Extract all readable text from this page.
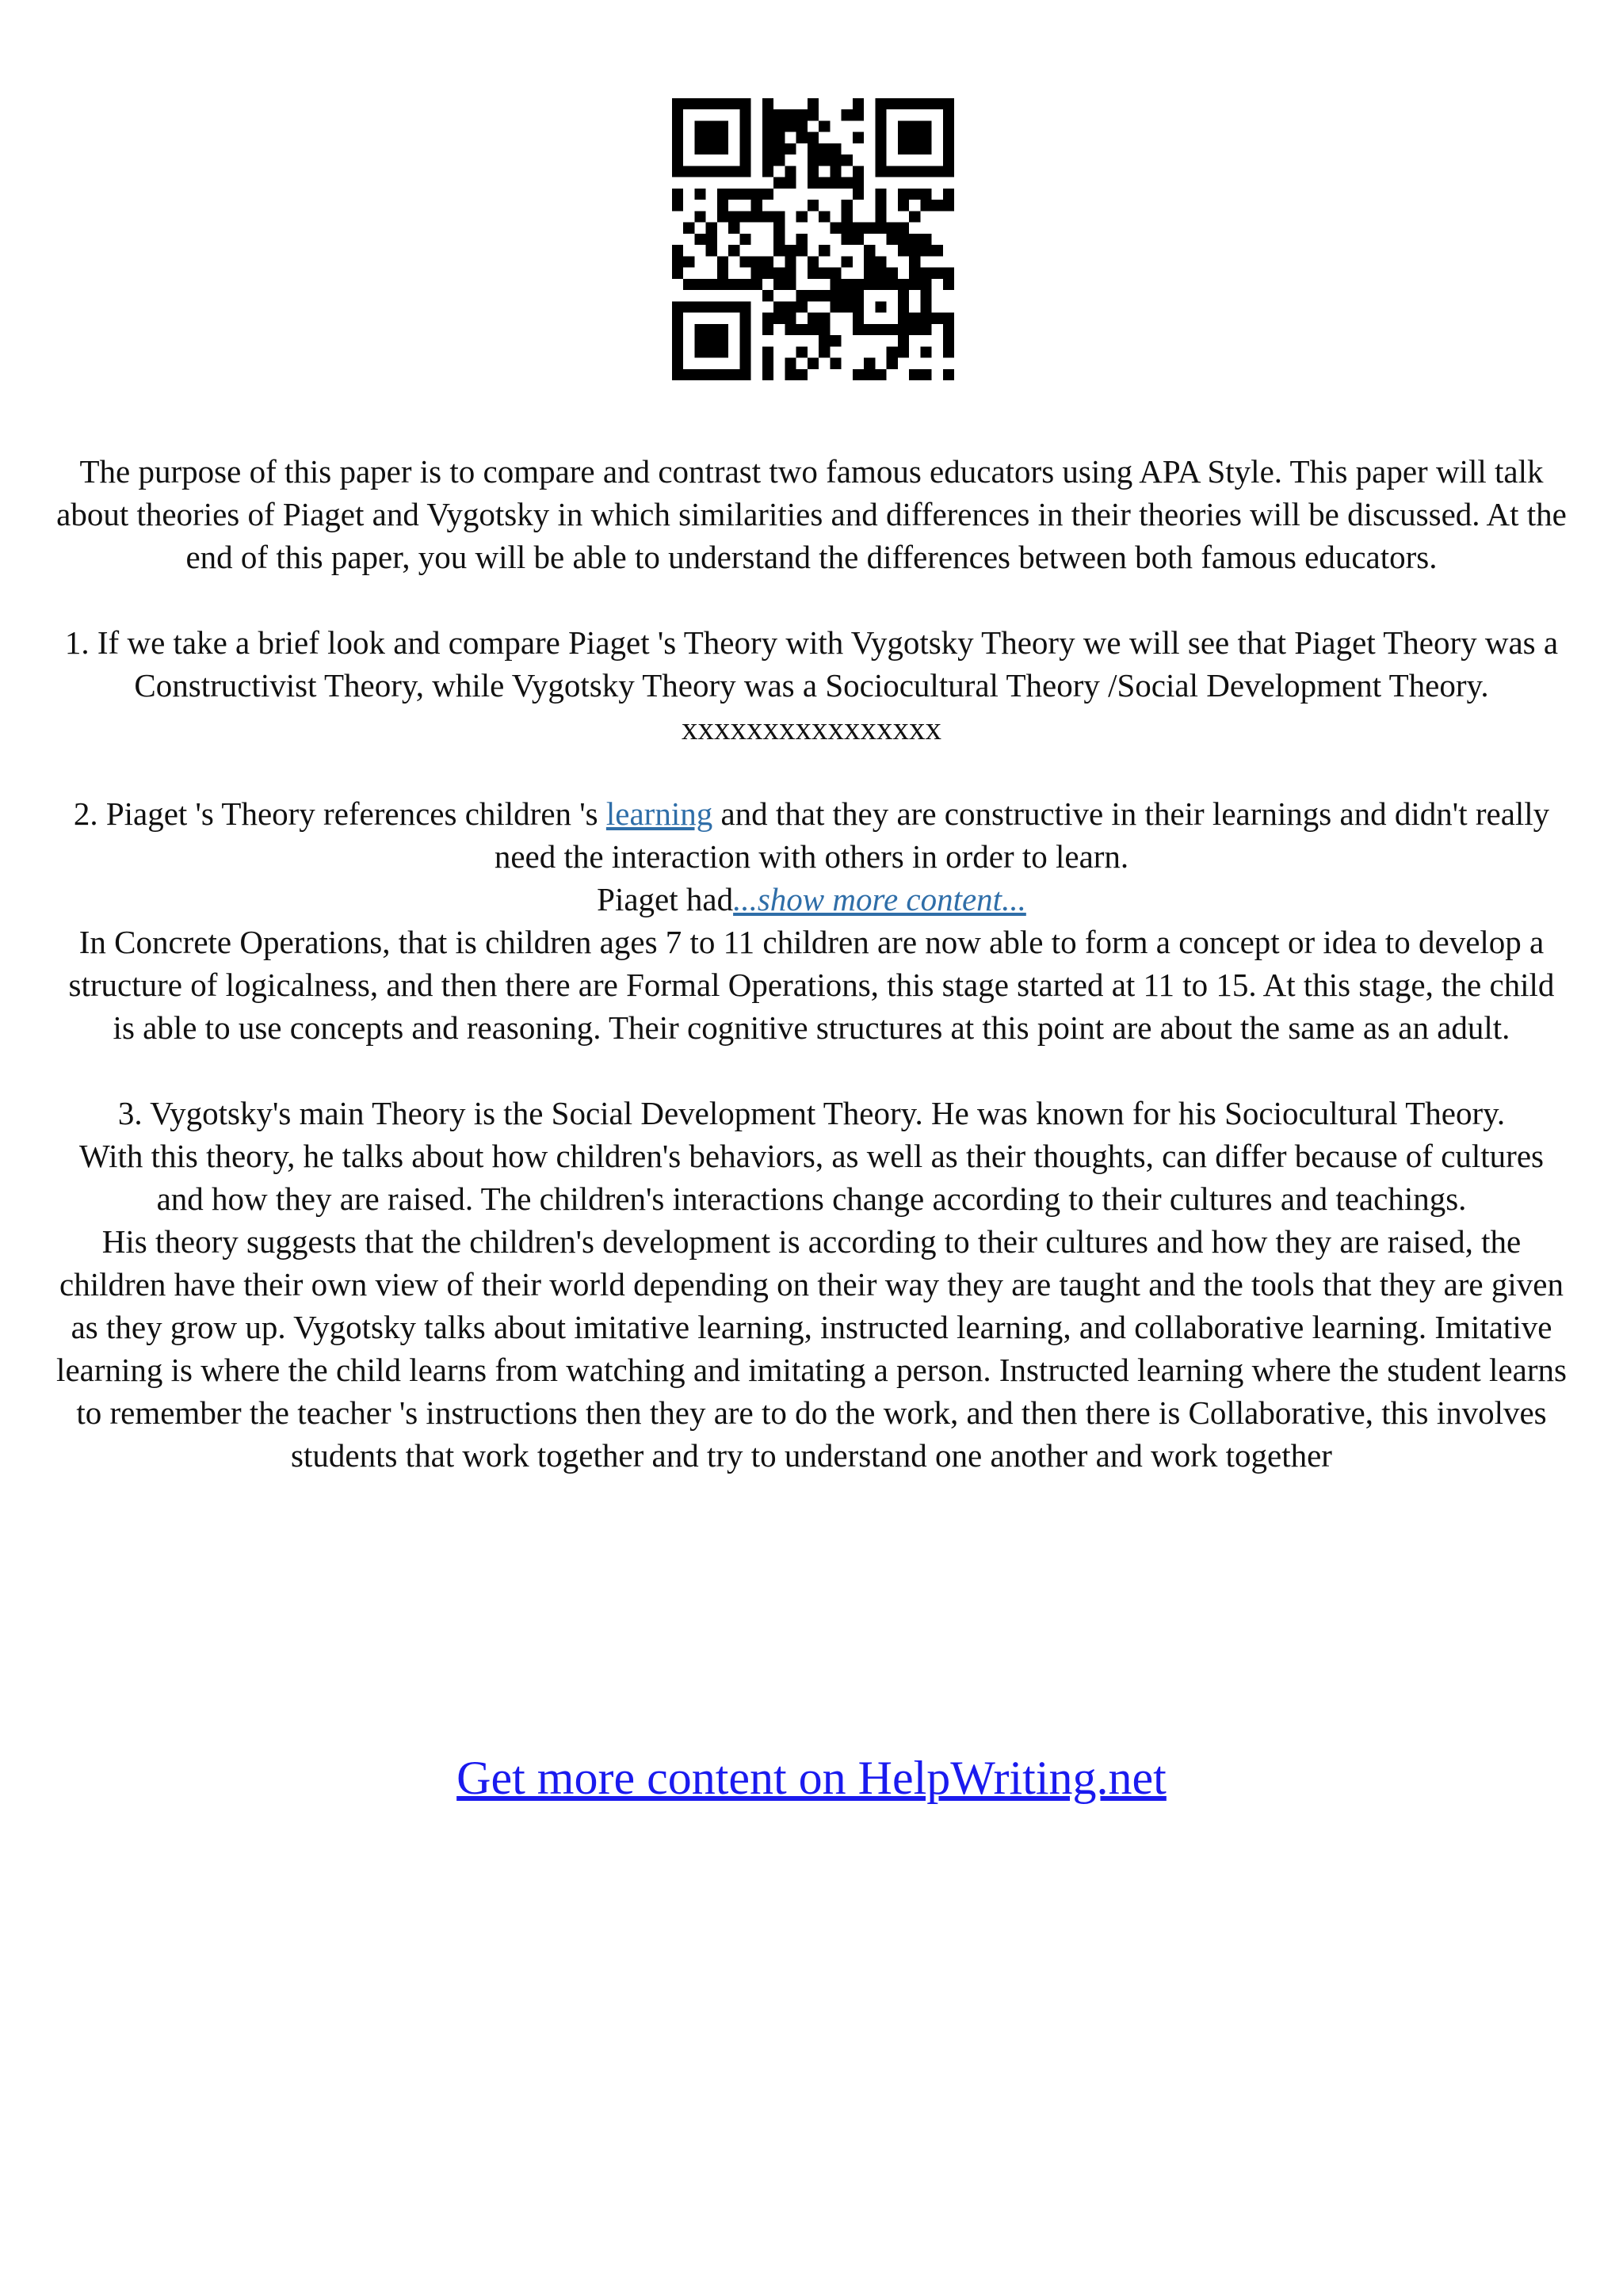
The purpose of this paper is to compare and contrast two famous educators using APA Style. This paper will talk about theories of Piaget and Vygotsky in which similarities and differences in their theories will be discussed. At the end of this paper, you will be able to understand the differences between both famous educators.

1. If we take a brief look and compare Piaget 's Theory with Vygotsky Theory we will see that Piaget Theory was a Constructivist Theory, while Vygotsky Theory was a Sociocultural Theory /Social Development Theory. xxxxxxxxxxxxxxxx

2. Piaget 's Theory references children 's learning and that they are constructive in their learnings and didn't really need the interaction with others in order to learn.

Piaget had...show more content...

In Concrete Operations, that is children ages 7 to 11 children are now able to form a concept or idea to develop a structure of logicalness, and then there are Formal Operations, this stage started at 11 to 15. At this stage, the child is able to use concepts and reasoning. Their cognitive structures at this point are about the same as an adult.

3. Vygotsky's main Theory is the Social Development Theory. He was known for his Sociocultural Theory.

With this theory, he talks about how children's behaviors, as well as their thoughts, can differ because of cultures and how they are raised. The children's interactions change according to their cultures and teachings.

His theory suggests that the children's development is according to their cultures and how they are raised, the children have their own view of their world depending on their way they are taught and the tools that they are given as they grow up. Vygotsky talks about imitative learning, instructed learning, and collaborative learning. Imitative learning is where the child learns from watching and imitating a person. Instructed learning where the student learns to remember the teacher 's instructions then they are to do the work, and then there is Collaborative, this involves students that work together and try to understand one another and work together

Get more content on HelpWriting.net
